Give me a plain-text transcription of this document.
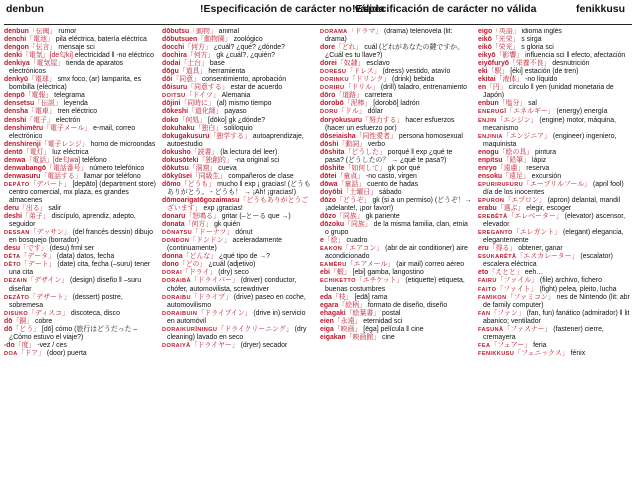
denbun	!Especificación de carácter no válida
!Especificación de carácter no válida	fenikkusu

denbun「伝聞」 rumor

denchi「電池」 pila eléctrica, batería eléctrica

dengon「伝言」 mensaje sci

denki「電気」[de匂ki] electricidad ‖ -no eléctrico

denkiya「電気屋」 tienda de aparatos electrónicos

denkyū「電球」 smx foco, (ar) lamparita, es bombilla (eléctrica)

denpō「電報」 telegrama

densetsu「伝説」 leyenda

densha「電車」 tren eléctrico

denshi「電子」 electrón

denshimēru「電子メール」 e-mail, correo electrónico

denshirenji「電子レンジ」 horno de microondas

dentō「電灯」 luz eléctrica

denwa「電話」[de匂wa] teléfono

denwabangō「電話番号」 número telefónico

denwasuru「電話する」 llamar por teléfono

DEPĀTO「デパート」 [depāto] (department store) centro comercial, mx plaza, es grandes almacenes

deru「出る」 salir

deshi「弟子」 discípulo, aprendiz, adepto, seguidor

DESSAN「デッサン」 (del francés dessin) dibujo en bosquejo (borrador)

desu「です」 (desu) frml ser

DĒTA「データ」 (data) datos, fecha

DĒTO「デート」 (date) cita, fecha (–suru) tener una cita

DEZAIN「デザイン」 (design) diseño ‖ –suru diseñar

DEZĀTO「デザート」 (dessert) postre, sobremesa

DISUKO「ディスコ」 discoteca, disco

dō「銅」 cobre

dō「どう」 [dō] cómo (旅行はどうだった –¿Cómo estuvo el viaje?)

-do「度」 -vez / ces

DOA「ドア」 (door) puerta

dōbutsu「動物」 animal

dōbutsuen「動物園」 zoológico

docchi「何方」 ¿cuál? ¿qué? ¿dónde?

dochira「何方」 gk ¿cuál?, ¿quién?

dodai「土台」 base

dōgu「道具」 herramienta

dōi「同意」 consentimiento, aprobación

dōisuru「同意する」 estar de acuerdo

DOITSU「ドイツ」 Alemania

dōjini「同時に」 (al) mismo tiempo

dōkeshi「道化師」 payaso

doko「何処」 [dōko] gk ¿dónde?

dokuhaku「独白」 soliloquio

dokugakusuru「独学する」 autoaprendizaje, autoestudio

dokusho「読書」 (la lectura del leer)

dokusōteki「独創的」 -na original sci

dōkutsu「洞窟」 cueva

dōkyūsei「同級生」 compañeros de clase

dōmo「どうも」 mucho ‖ exp ¡ gracias! (どうもありがとう。 ‐ どうも！ → ¡Ah! ¡gracias!)

dōmoarigatōgozaimasu「どうもありがとうございます」 exp ¡gracias!

donaru「怒鳴る」 gritar (–とーる que →)

donata「何方」 gk quién

DŌNATSU「ドーナツ」 dónut

DONDON「ドンドン」 aceleradamente (continuamente)

donna「どんな」 ¿qué tipo de →?

dono「どの」 ¿cuál (adjetivo)

DORAI「ドライ」 (dry) seco

DORAIBĀ「ドライバー」 (driver) conductor, chófer, automovilista, screwdriver

DORAIBU「ドライブ」 (drive) paseo en coche, automovilismo

DORAIBUIN「ドライブイン」 (drive in) servicio en automóvil

DORAIKURĪNINGU「ドライクリーニング」 (dry cleaning) lavado en seco

DORAIYĀ「ドライヤー」 (dryer) secador

DORAMA「ドラマ」 (drama) telenovela (lit: drama)

dore「どれ」 cuál (どれがあなたの鍵ですか。¿Cuál es tu llave?)

dorei「奴隷」 esclavo

DORESU「ドレス」 (dress) vestido, atavío

DORINKU「ドリンク」 (drink) bebida

DORIRU「ドリル」 (drill) taladro, entrenamiento

dōro「道路」 carretera

dorobō「泥棒」 [dorobō] ladrón

DORU「ドル」 dólar

doryokusuru「努力する」 hacer esfuerzos (hacer un esfuerzo por)

dōseiaisha「同性愛者」 persona homosexual

dōshi「動詞」 verbo

dōshita「どうした」 porqué ‖ exp ¿qué te pasa? (どうしたの？ → ¿qué te pasa?)

dōshite「如何して」 gk por qué

dōtei「童貞」 -no casto, virgen

dōwa「童話」 cuento de hadas

doyōbi「土曜日」 sábado

dōzo「どうぞ」 gk (si a un permiso) (どうぞ！→ ¡adelante!, ¡por favor!)

dōzo「同族」 gk pariente

dōzoku「同族」 de la misma familia, clan, etnia o grupo

e「絵」 cuadro

EAKON「エアコン」 (abr de air conditioner) aire acondicionado

EAMĒRU「エアメール」 (air mail) correo aéreo

ebi「蝦」 [ebi] gamba, langostino

ECHIKETTO「エチケット」 (etiquette) etiqueta, buenas costumbres

eda「枝」 [edā] rama

egara「絵柄」 formato de diseño, diseño

ehagaki「絵葉書」 postal

eien「永遠」 eternidad sci

eiga「映画」 [ēga] película ‖ cine

eigakan「映画館」 cine

eigo「英語」 idioma inglés

eikō「光栄」 s sirga

eikō「栄光」 s gloria sci

eikyō「影響」 influencia sci ‖ efecto, afectación

eiyōfuryō「栄養不良」 desnutrición

eki「駅」 [éki] estación (de tren)

ekitai「液体」 -no líquido

en「円」 círculo ‖ yen (unidad monetaria de Japón)

enbun「塩分」 sal

ENERUGĪ「エネルギー」 (energy) energía

ENJIN「エンジン」 (engine) motor, máquina, mecanismo

ENJINIA「エンジニア」 (engineer) ingeniero, maquinista

enogu「絵の具」 pintura

enpitsu「鉛筆」 lápiz

enryo「遠慮」 reserva

ensoku「遠足」 excursión

EPURIRUFURU「エープリルフール」 (april fool) día de los inocentes

EPURON「エプロン」 (apron) delantal, mandil

erabu「選ぶ」 elegir, escoger

EREBĒTĀ「エレベーター」 (elevator) ascensor, elevador

EREGANTO「エレガント」 (elegant) elegancia, elegantemente

eru「得る」 obtener, ganar

ESUKARĒTĀ「エスカレーター」 (escalator) escalera eléctrica

eto「えとと」 eeh…

FAIRU「ファイル」 (file) archivo, fichero

FAITO「ファイト」 (fight) pelea, pleito, lucha

FAMIKON「ファミコン」 nes de Nintendo (lit: abr de family computer)

FAN「ファン」 (fan, fun) fanático (admirador) ‖ lit abanico; ventilador

FASUNĀ「ファスナー」 (fastener) cierre, cremayera

FEA「フェアー」 feria

FENIKKUSU「フェニックス」 fénix
